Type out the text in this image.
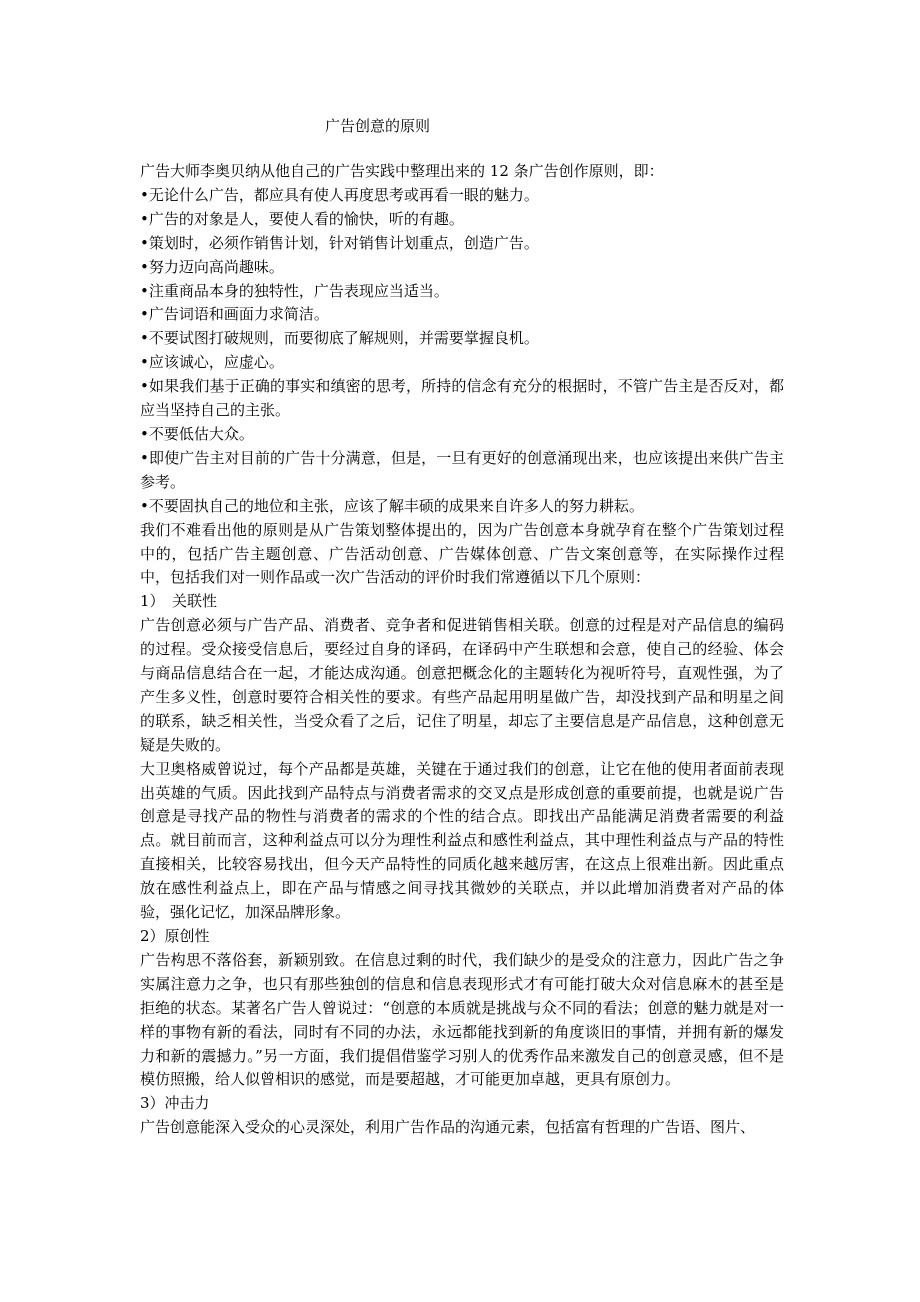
广告创意的原则

广告大师李奥贝纳从他自己的广告实践中整理出来的 12 条广告创作原则，即：

• 无论什么广告，都应具有使人再度思考或再看一眼的魅力。

• 广告的对象是人，要使人看的愉快，听的有趣。

• 策划时，必须作销售计划，针对销售计划重点，创造广告。

• 努力迈向高尚趣味。

• 注重商品本身的独特性，广告表现应当适当。

• 广告词语和画面力求简洁。

• 不要试图打破规则，而要彻底了解规则，并需要掌握良机。

• 应该诚心，应虚心。

• 如果我们基于正确的事实和缜密的思考，所持的信念有充分的根据时，不管广告主是否反对，都应当坚持自己的主张。

• 不要低估大众。

• 即使广告主对目前的广告十分满意，但是，一旦有更好的创意涌现出来，也应该提出来供广告主参考。

• 不要固执自己的地位和主张，应该了解丰硕的成果来自许多人的努力耕耘。

我们不难看出他的原则是从广告策划整体提出的，因为广告创意本身就孕育在整个广告策划过程中的，包括广告主题创意、广告活动创意、广告媒体创意、广告文案创意等，在实际操作过程中，包括我们对一则作品或一次广告活动的评价时我们常遵循以下几个原则：

1）　关联性

广告创意必须与广告产品、消费者、竞争者和促进销售相关联。创意的过程是对产品信息的编码的过程。受众接受信息后，要经过自身的译码，在译码中产生联想和会意，使自己的经验、体会与商品信息结合在一起，才能达成沟通。创意把概念化的主题转化为视听符号，直观性强，为了产生多义性，创意时要符合相关性的要求。有些产品起用明星做广告，却没找到产品和明星之间的联系，缺乏相关性，当受众看了之后，记住了明星，却忘了主要信息是产品信息，这种创意无疑是失败的。

大卫奥格威曾说过，每个产品都是英雄，关键在于通过我们的创意，让它在他的使用者面前表现出英雄的气质。因此找到产品特点与消费者需求的交叉点是形成创意的重要前提，也就是说广告创意是寻找产品的物性与消费者的需求的个性的结合点。即找出产品能满足消费者需要的利益点。就目前而言，这种利益点可以分为理性利益点和感性利益点，其中理性利益点与产品的特性直接相关，比较容易找出，但今天产品特性的同质化越来越厉害，在这点上很难出新。因此重点放在感性利益点上，即在产品与情感之间寻找其微妙的关联点，并以此增加消费者对产品的体验，强化记忆，加深品牌形象。

2）原创性

广告构思不落俗套，新颖别致。在信息过剩的时代，我们缺少的是受众的注意力，因此广告之争实属注意力之争，也只有那些独创的信息和信息表现形式才有可能打破大众对信息麻木的甚至是拒绝的状态。某著名广告人曾说过：“创意的本质就是挑战与众不同的看法；创意的魅力就是对一样的事物有新的看法，同时有不同的办法，永远都能找到新的角度谈旧的事情，并拥有新的爆发力和新的震撼力。”另一方面，我们提倡借鉴学习别人的优秀作品来激发自己的创意灵感，但不是模仿照搬，给人似曾相识的感觉，而是要超越，才可能更加卓越，更具有原创力。

3）冲击力

广告创意能深入受众的心灵深处，利用广告作品的沟通元素，包括富有哲理的广告语、图片、
